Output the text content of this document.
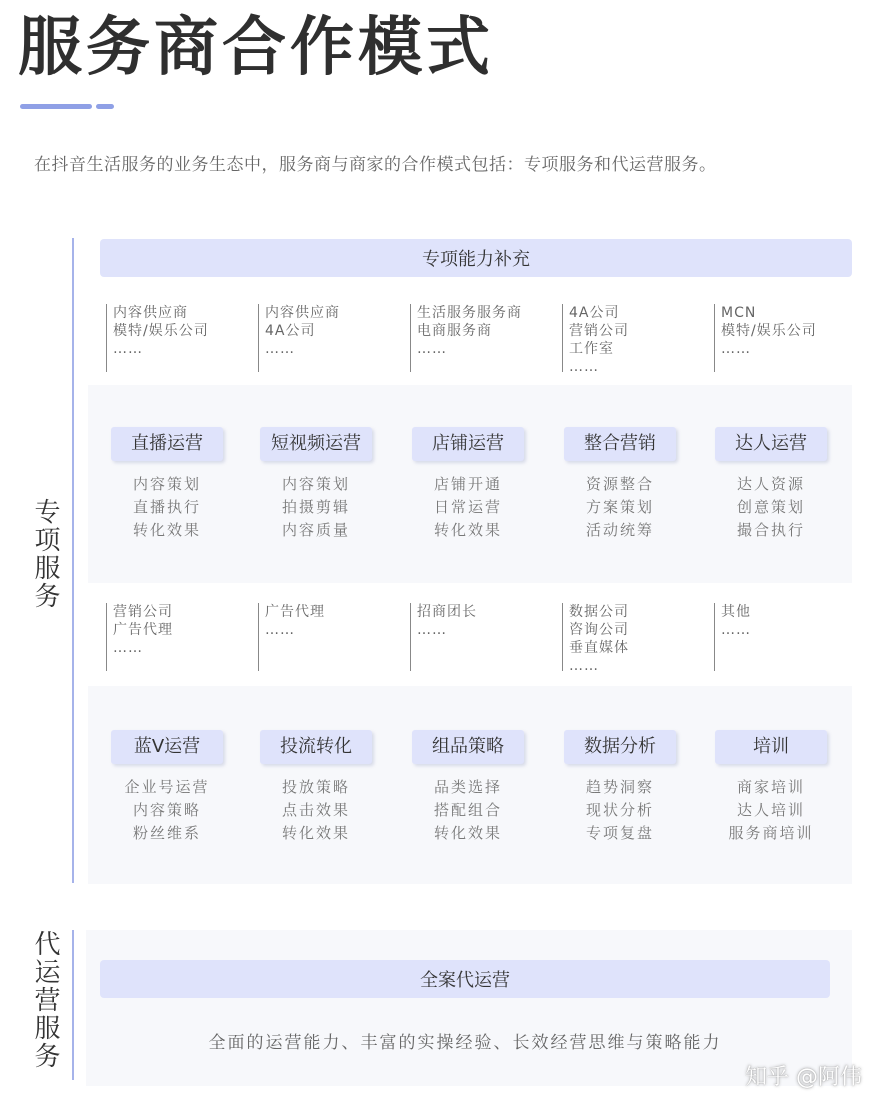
服务商合作模式
在抖音生活服务的业务生态中，服务商与商家的合作模式包括：专项服务和代运营服务。
专项服务
专项能力补充
内容供应商
模特/娱乐公司
……
内容供应商
4A公司
……
生活服务服务商
电商服务商
……
4A公司
营销公司
工作室
……
MCN
模特/娱乐公司
……
直播运营
内容策划
直播执行
转化效果
短视频运营
内容策划
拍摄剪辑
内容质量
店铺运营
店铺开通
日常运营
转化效果
整合营销
资源整合
方案策划
活动统筹
达人运营
达人资源
创意策划
撮合执行
营销公司
广告代理
……
广告代理
……
招商团长
……
数据公司
咨询公司
垂直媒体
……
其他
……
蓝V运营
企业号运营
内容策略
粉丝维系
投流转化
投放策略
点击效果
转化效果
组品策略
品类选择
搭配组合
转化效果
数据分析
趋势洞察
现状分析
专项复盘
培训
商家培训
达人培训
服务商培训
代运营服务	全案代运营
全面的运营能力、丰富的实操经验、长效经营思维与策略能力
知乎 @阿伟
